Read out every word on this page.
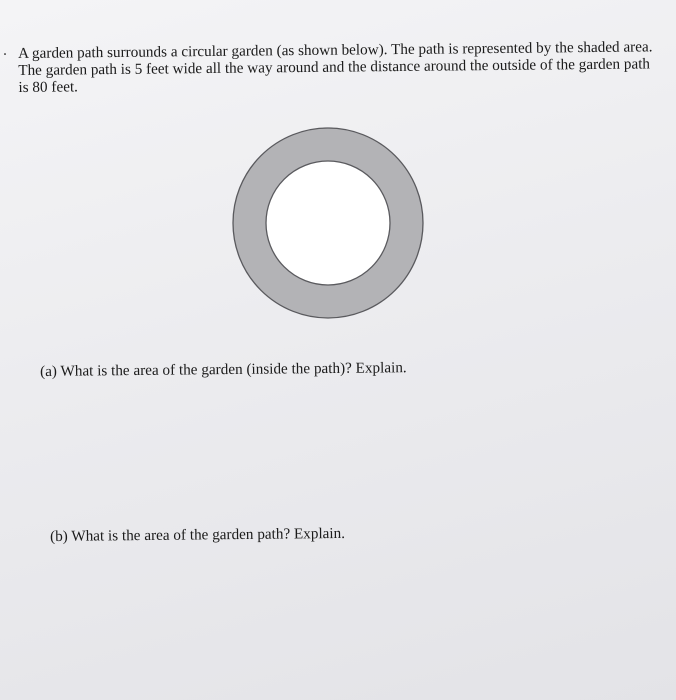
. A garden path surrounds a circular garden (as shown below). The path is represented by the shaded area.
The garden path is 5 feet wide all the way around and the distance around the outside of the garden path
is 80 feet.
(a) What is the area of the garden (inside the path)? Explain.
(b) What is the area of the garden path? Explain.
